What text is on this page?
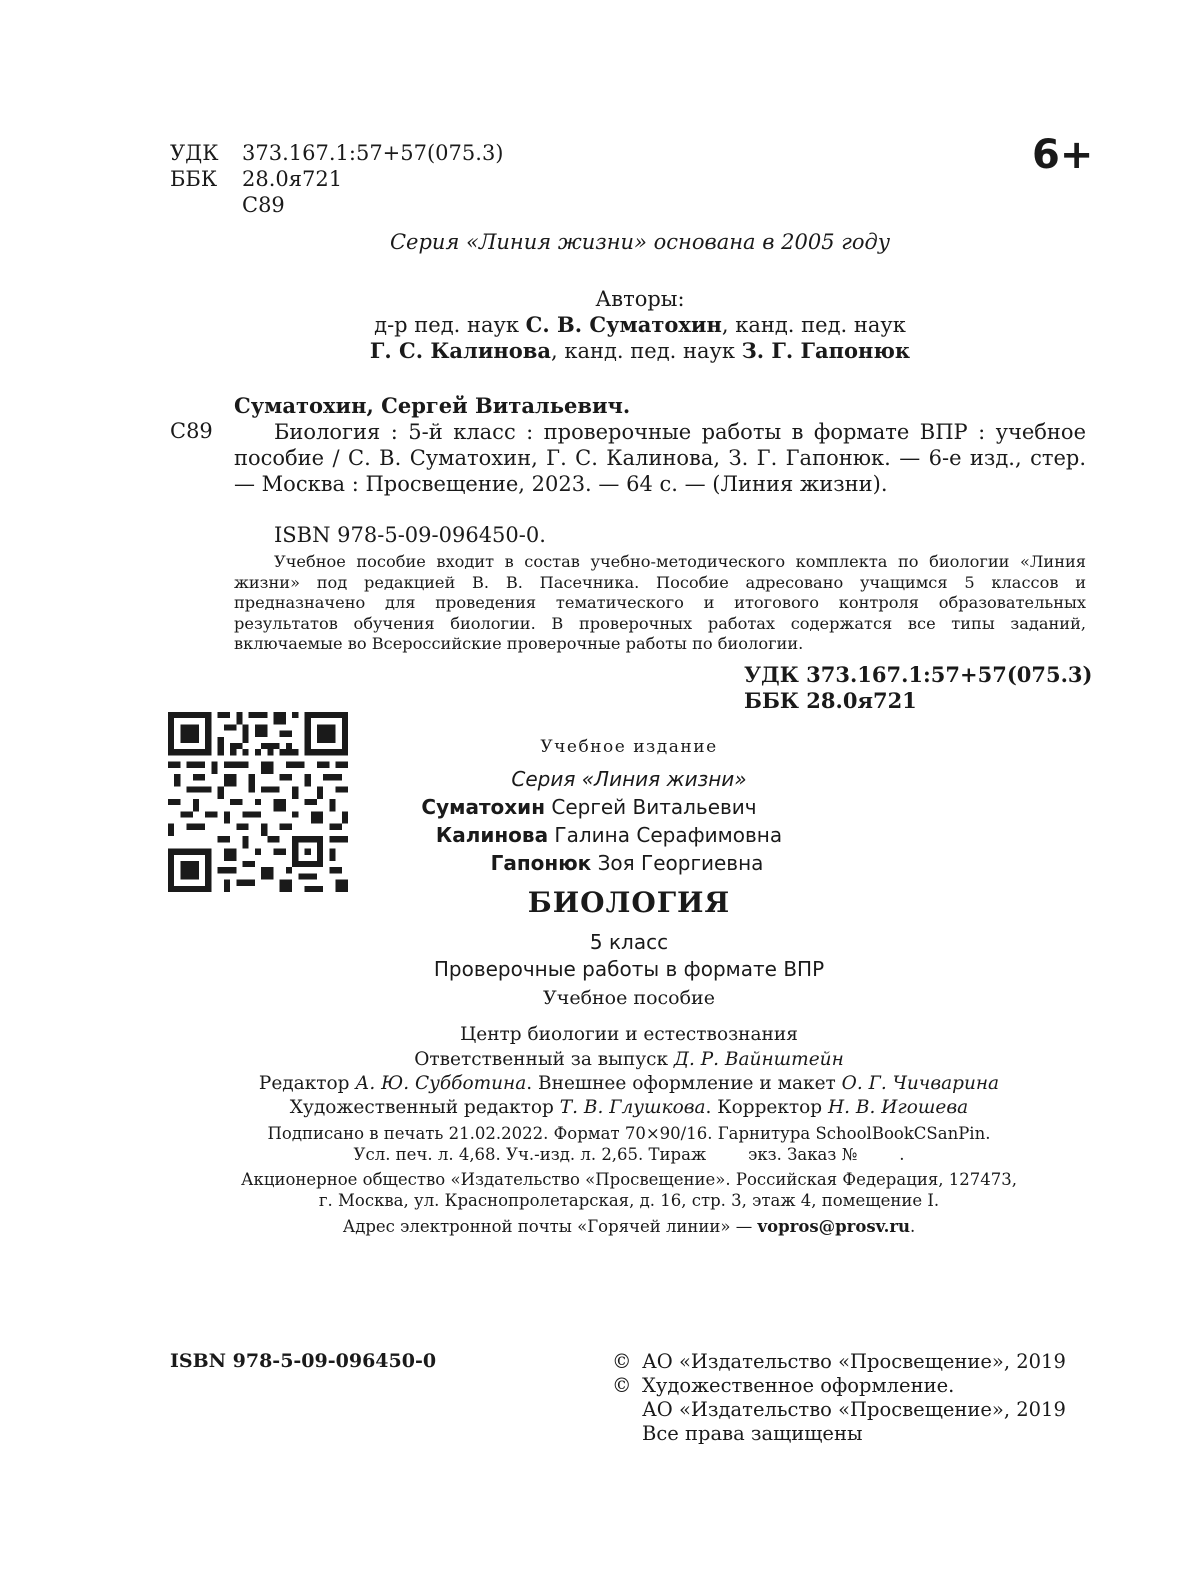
УДК	373.167.1:57+57(075.3)
ББК	28.0я721
С89
6+
Серия «Линия жизни» основана в 2005 году
Авторы:
д-р пед. наук С. В. Суматохин, канд. пед. наук
Г. С. Калинова, канд. пед. наук З. Г. Гапонюк
Суматохин, Сергей Витальевич.
С89	Биология : 5-й класс : проверочные работы в формате ВПР : учебное пособие / С. В. Суматохин, Г. С. Калинова, З. Г. Гапонюк. — 6-е изд., стер. — Москва : Просвещение, 2023. — 64 с. — (Линия жизни).

ISBN 978-5-09-096450-0.

Учебное пособие входит в состав учебно-методического комплекта по биологии «Линия жизни» под редакцией В. В. Пасечника. Пособие адресовано учащимся 5 классов и предназначено для проведения тематического и итогового контроля образовательных результатов обучения биологии. В проверочных работах содержатся все типы заданий, включаемые во Всероссийские проверочные работы по биологии.

УДК 373.167.1:57+57(075.3)
ББК 28.0я721
Учебное издание
Серия «Линия жизни»
Суматохин Сергей Витальевич
Калинова Галина Серафимовна
Гапонюк Зоя Георгиевна
БИОЛОГИЯ
5 класс
Проверочные работы в формате ВПР
Учебное пособие
Центр биологии и естествознания
Ответственный за выпуск Д. Р. Вайнштейн
Редактор А. Ю. Субботина. Внешнее оформление и макет О. Г. Чичварина
Художественный редактор Т. В. Глушкова. Корректор Н. В. Игошева
Подписано в печать 21.02.2022. Формат 70×90/16. Гарнитура SchoolBookCSanPin.
Усл. печ. л. 4,68. Уч.-изд. л. 2,65. Тираж        экз. Заказ №        .
Акционерное общество «Издательство «Просвещение». Российская Федерация, 127473,
г. Москва, ул. Краснопролетарская, д. 16, стр. 3, этаж 4, помещение I.
Адрес электронной почты «Горячей линии» — vopros@prosv.ru.
ISBN 978-5-09-096450-0	© АО «Издательство «Просвещение», 2019
© Художественное оформление.
АО «Издательство «Просвещение», 2019
Все права защищены
